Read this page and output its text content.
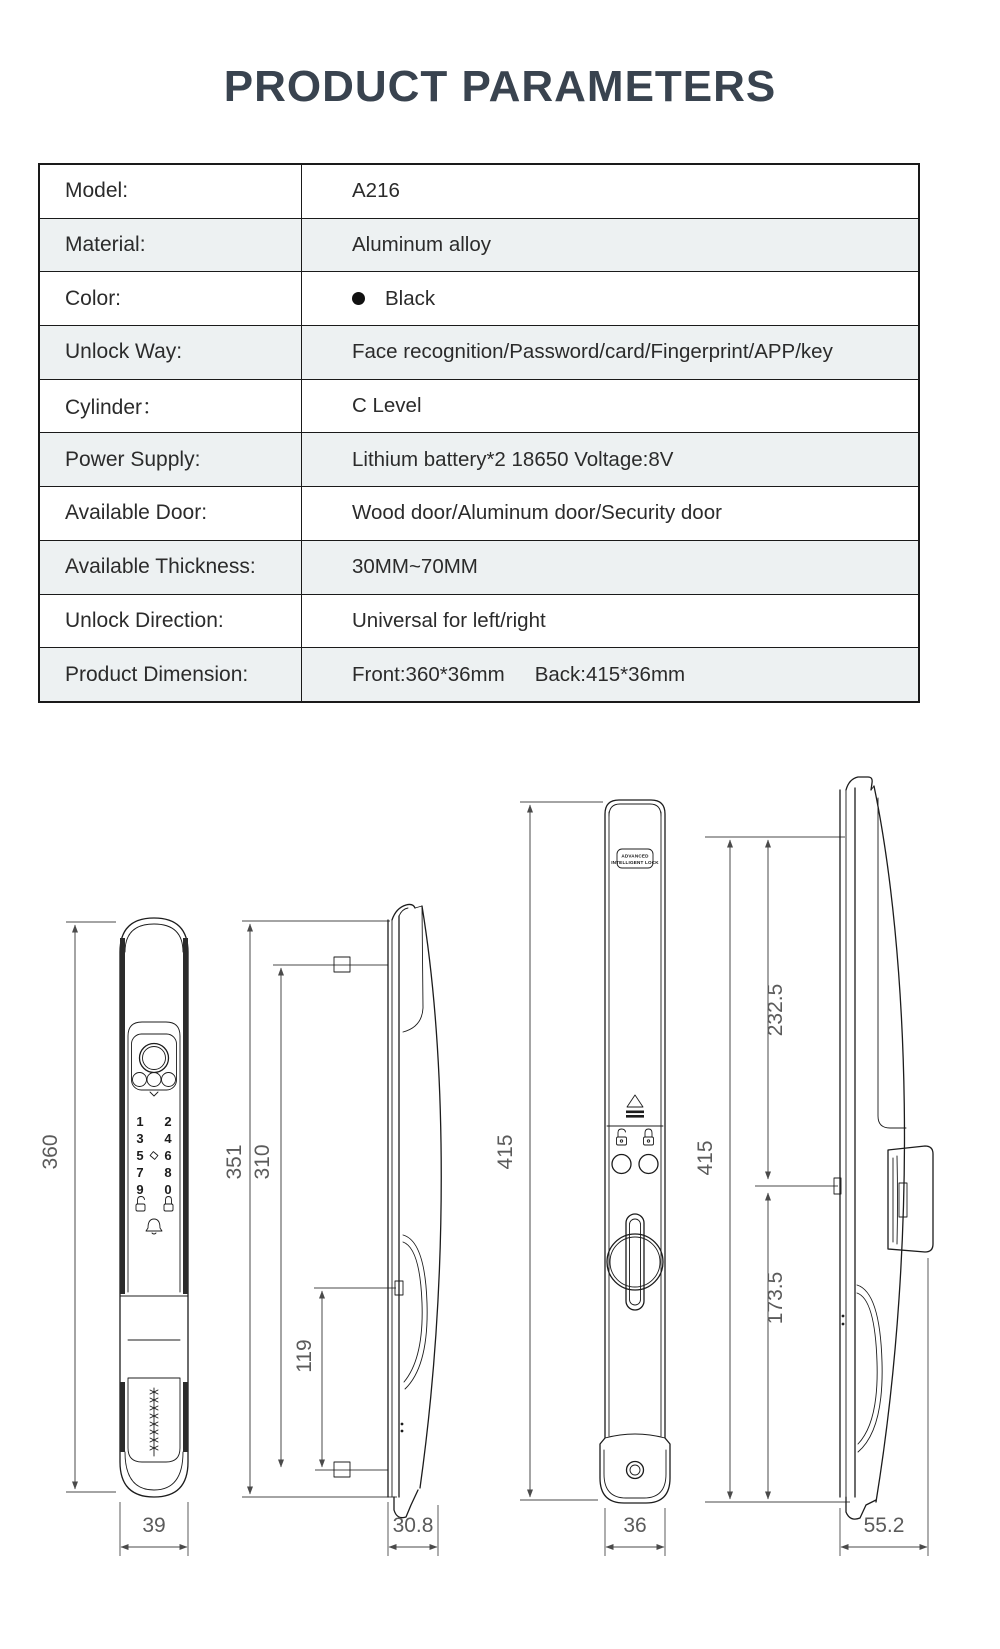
PRODUCT PARAMETERS
Model:	A216
Material:	Aluminum alloy
Color:	Black
Unlock Way:	Face recognition/Password/card/Fingerprint/APP/key
Cylinder：	C Level
Power Supply:	Lithium battery*2 18650 Voltage:8V
Available Door:	Wood door/Aluminum door/Security door
Available Thickness:	30MM~70MM
Unlock Direction:	Universal for left/right
Product Dimension:	Front:360*36mm Back:415*36mm
360
1 2
3 4
5 6
7 8
9 0
39
351 310
119
30.8
415
ADVANCED
INTELLIGENT LOCK
36
415
232.5
173.5
55.2
